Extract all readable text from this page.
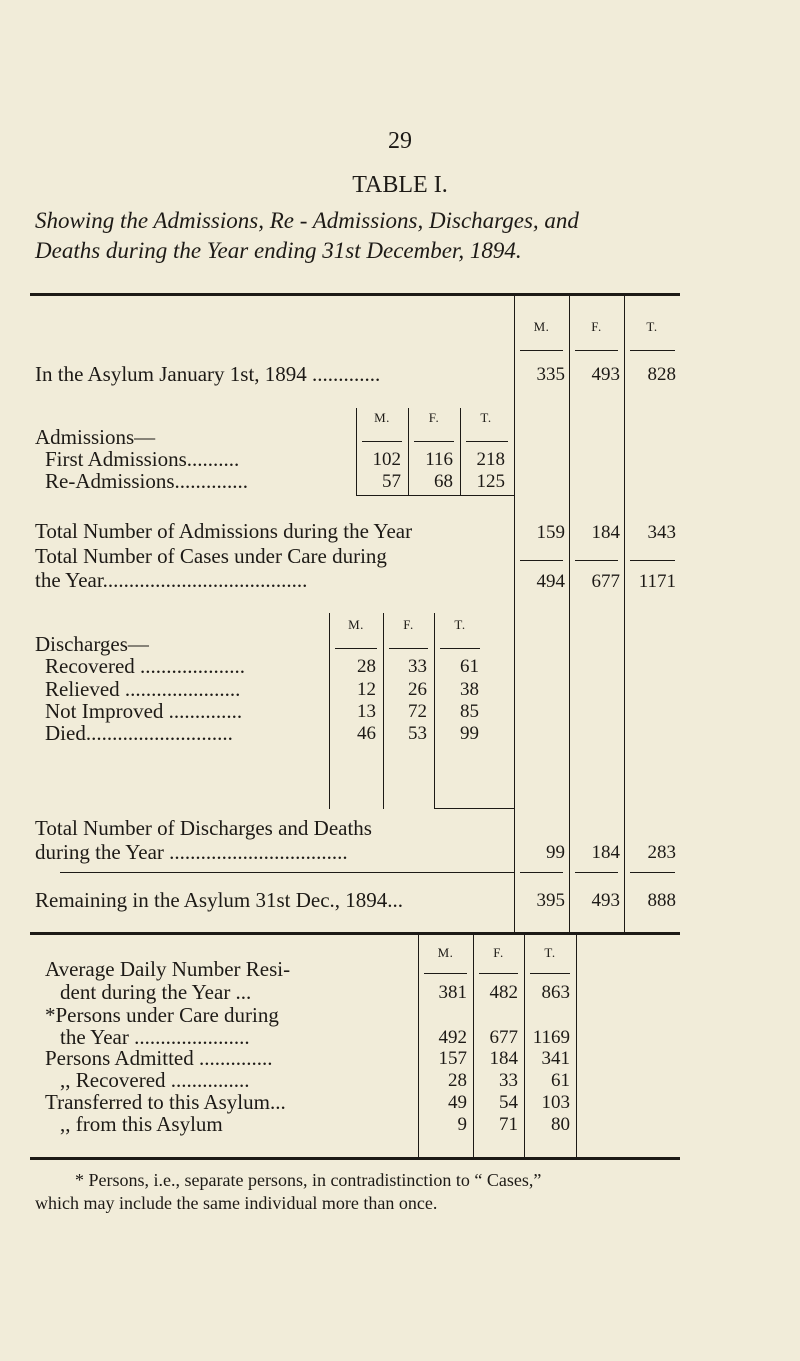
29
TABLE I.
Showing the Admissions, Re - Admissions, Discharges, and
Deaths during the Year ending 31st December, 1894.
M.	F.	T.
In the Asylum January 1st, 1894 .............	335	493	828
M.	F.	T.
Admissions—
First Admissions..........	102	116	218
Re-Admissions..............	57	68	125
Total Number of Admissions during the Year	159	184	343
Total Number of Cases under Care during
the Year.......................................	494	677 1171
M.	F.	T.
Discharges—
Recovered ....................	28	33	61
Relieved ......................	12	26	38
Not Improved ..............	13	72	85
Died............................	46	53	99
Total Number of Discharges and Deaths
during the Year ..................................	99	184	283
Remaining in the Asylum 31st Dec., 1894...	395	493	888
M.	F.	T.
Average Daily Number Resi-
dent during the Year ...	381	482	863
*Persons under Care during
the Year ......................	492	677 1169
Persons Admitted ..............	157	184	341
,, Recovered ...............	28	33	61
Transferred to this Asylum...	49	54	103
,, from this Asylum	9	71	80
* Persons, i.e., separate persons, in contradistinction to “ Cases,”
which may include the same individual more than once.
